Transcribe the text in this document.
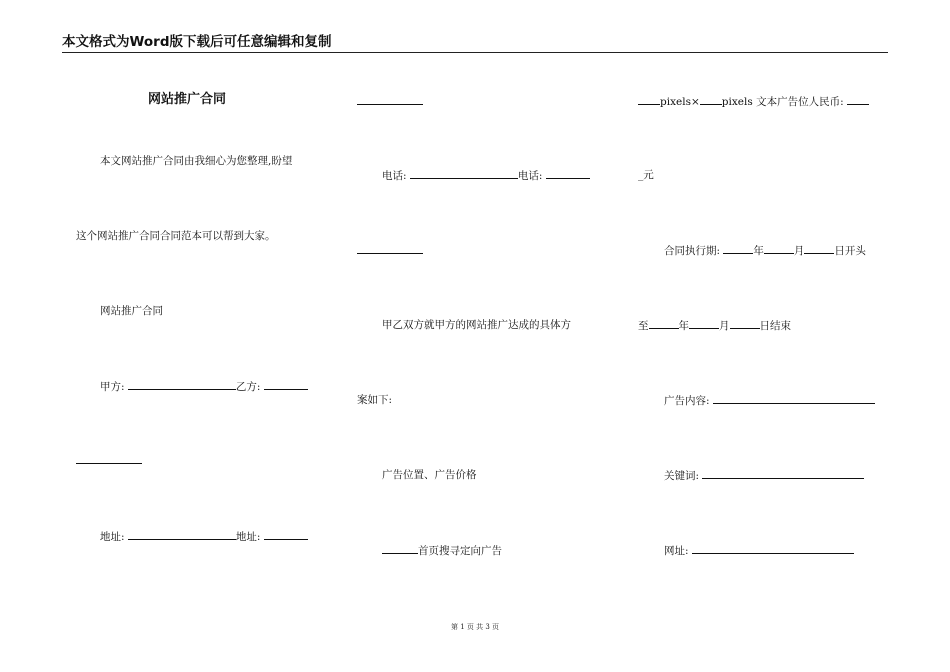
本文格式为Word版下载后可任意编辑和复制
网站推广合同
本文网站推广合同由我细心为您整理,盼望
这个网站推广合同合同范本可以帮到大家。
网站推广合同
甲方:	乙方:
地址:	地址:
电话:	电话:
甲乙双方就甲方的网站推广达成的具体方
案如下:
广告位置、广告价格
首页搜寻定向广告
pixels× pixels 文本广告位人民币:
_元
合同执行期:	年	月	日开头
至	年	月	日结束
广告内容:
关键词:
网址:
第 1 页 共 3 页
